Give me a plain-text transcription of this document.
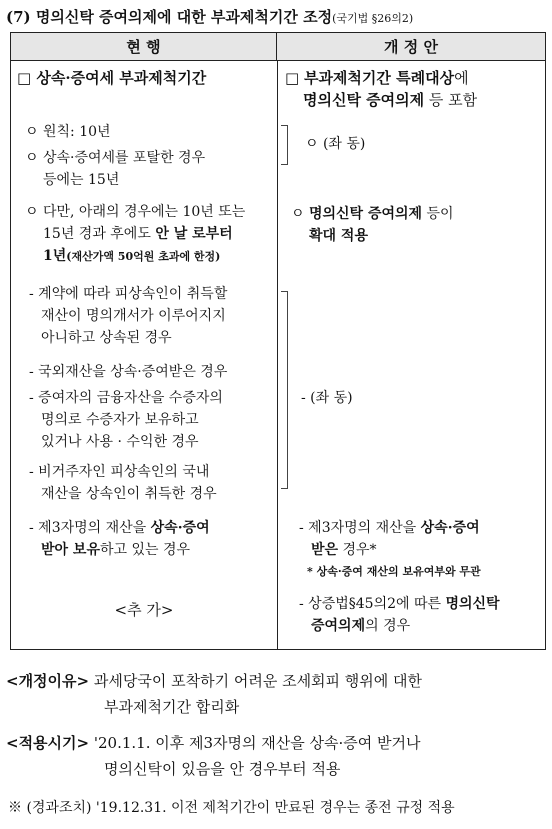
(7) 명의신탁 증여의제에 대한 부과제척기간 조정(국기법 §26의2)
현 행	개 정 안
□ 상속·증여세 부과제척기간

ㅇ 원칙: 10년

ㅇ 상속·증여세를 포탈한 경우

등에는 15년

ㅇ 다만, 아래의 경우에는 10년 또는

15년 경과 후에도 안 날 로부터

1년(재산가액 50억원 초과에 한정)

- 계약에 따라 피상속인이 취득할

재산이 명의개서가 이루어지지

아니하고 상속된 경우

- 국외재산을 상속·증여받은 경우

- 증여자의 금융자산을 수증자의

명의로 수증자가 보유하고

있거나 사용 · 수익한 경우

- 비거주자인 피상속인의 국내

재산을 상속인이 취득한 경우

- 제3자명의 재산을 상속·증여

받아 보유하고 있는 경우

<추 가>

□ 부과제척기간 특례대상에

명의신탁 증여의제 등 포함

ㅇ (좌 동)

ㅇ 명의신탁 증여의제 등이

확대 적용

- (좌 동)

- 제3자명의 재산을 상속·증여

받은 경우*

* 상속·증여 재산의 보유여부와 무관

- 상증법§45의2에 따른 명의신탁

증여의제의 경우

<개정이유> 과세당국이 포착하기 어려운 조세회피 행위에 대한

부과제척기간 합리화

<적용시기> '20.1.1. 이후 제3자명의 재산을 상속·증여 받거나

명의신탁이 있음을 안 경우부터 적용

※ (경과조치) '19.12.31. 이전 제척기간이 만료된 경우는 종전 규정 적용
